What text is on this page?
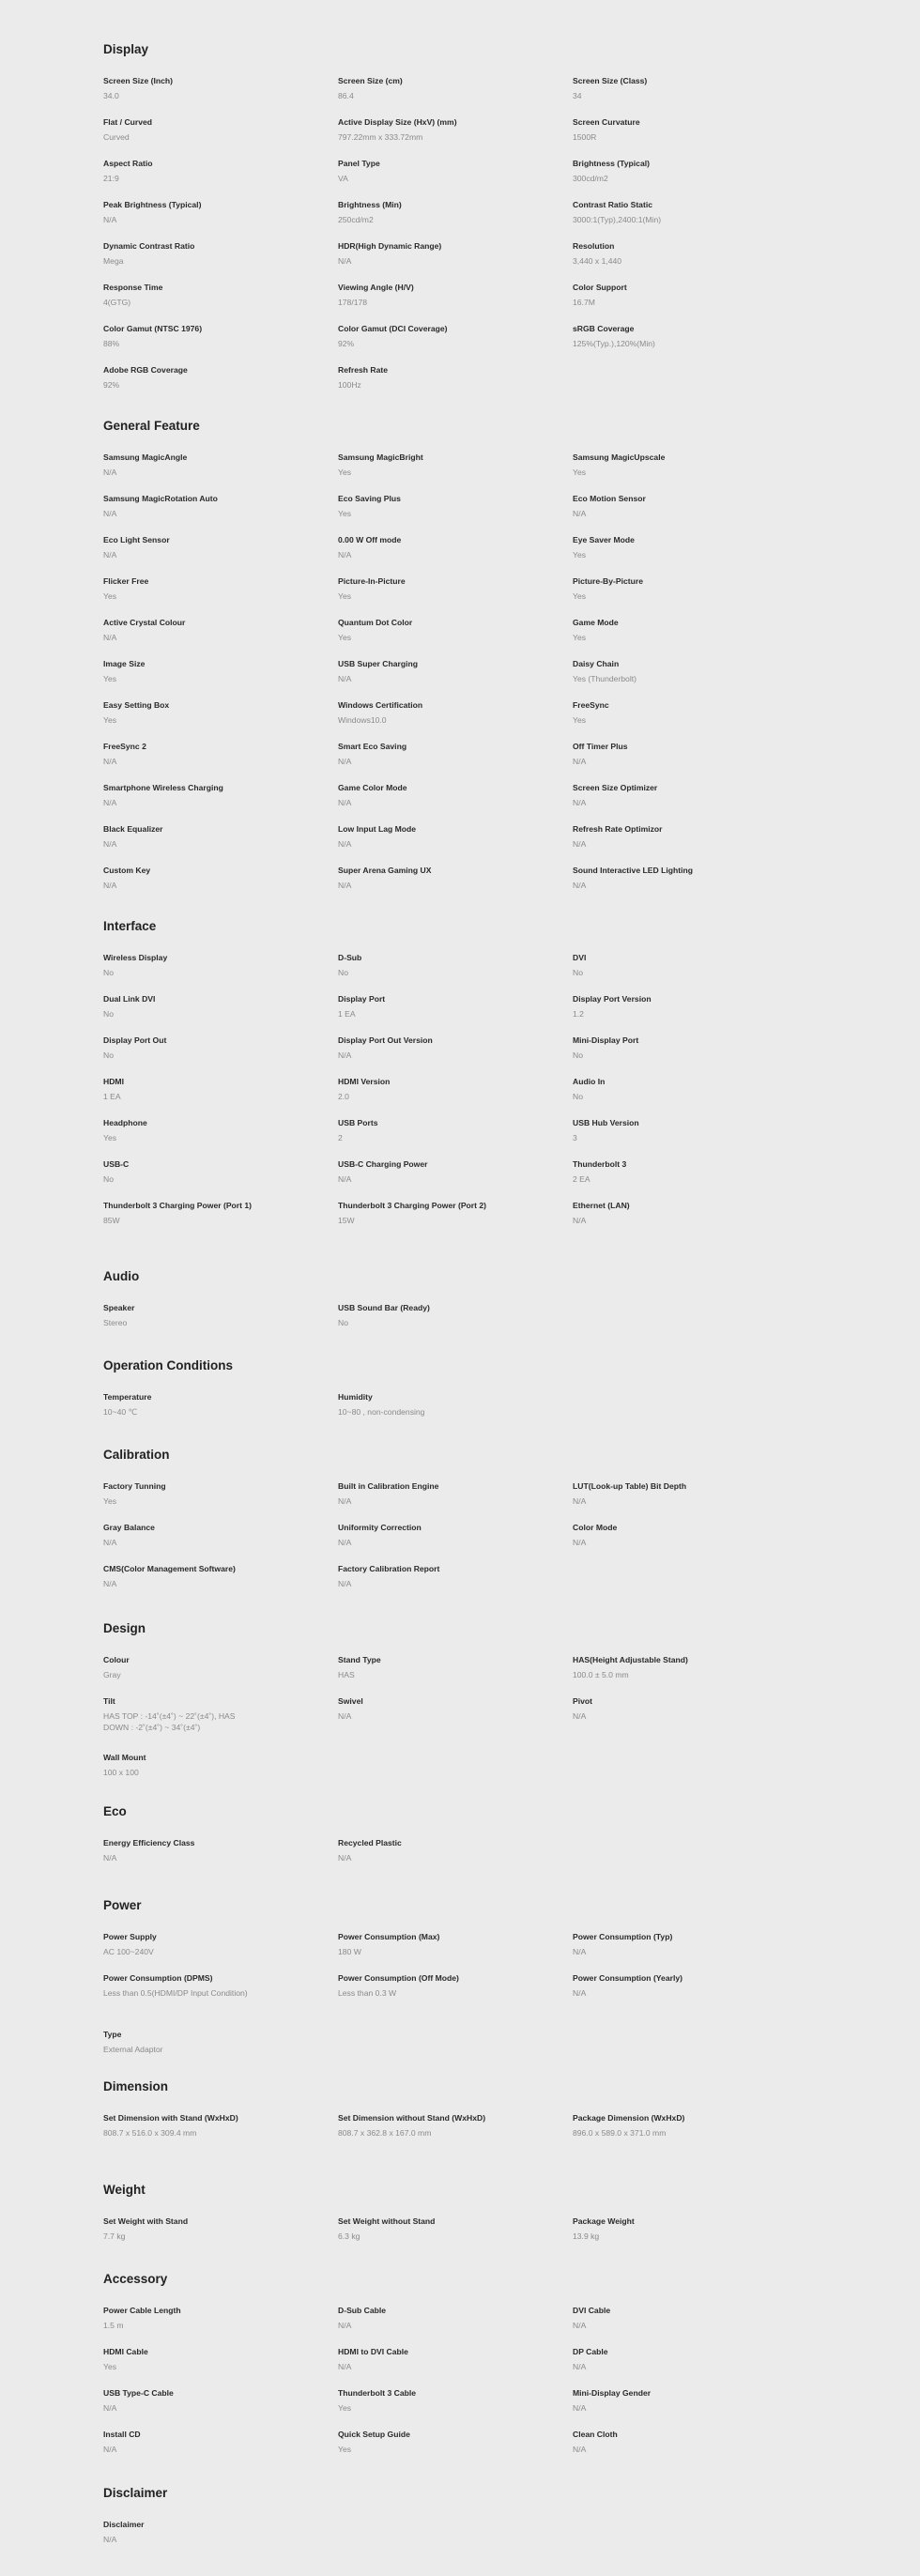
Display
Screen Size (Inch)
34.0
Screen Size (cm)
86.4
Screen Size (Class)
34
Flat / Curved
Curved
Active Display Size (HxV) (mm)
797.22mm x 333.72mm
Screen Curvature
1500R
Aspect Ratio
21:9
Panel Type
VA
Brightness (Typical)
300cd/m2
Peak Brightness (Typical)
N/A
Brightness (Min)
250cd/m2
Contrast Ratio Static
3000:1(Typ),2400:1(Min)
Dynamic Contrast Ratio
Mega
HDR(High Dynamic Range)
N/A
Resolution
3,440 x 1,440
Response Time
4(GTG)
Viewing Angle (H/V)
178/178
Color Support
16.7M
Color Gamut (NTSC 1976)
88%
Color Gamut (DCI Coverage)
92%
sRGB Coverage
125%(Typ.),120%(Min)
Adobe RGB Coverage
92%
Refresh Rate
100Hz
General Feature
Samsung MagicAngle
N/A
Samsung MagicBright
Yes
Samsung MagicUpscale
Yes
Samsung MagicRotation Auto
N/A
Eco Saving Plus
Yes
Eco Motion Sensor
N/A
Eco Light Sensor
N/A
0.00 W Off mode
N/A
Eye Saver Mode
Yes
Flicker Free
Yes
Picture-In-Picture
Yes
Picture-By-Picture
Yes
Active Crystal Colour
N/A
Quantum Dot Color
Yes
Game Mode
Yes
Image Size
Yes
USB Super Charging
N/A
Daisy Chain
Yes (Thunderbolt)
Easy Setting Box
Yes
Windows Certification
Windows10.0
FreeSync
Yes
FreeSync 2
N/A
Smart Eco Saving
N/A
Off Timer Plus
N/A
Smartphone Wireless Charging
N/A
Game Color Mode
N/A
Screen Size Optimizer
N/A
Black Equalizer
N/A
Low Input Lag Mode
N/A
Refresh Rate Optimizor
N/A
Custom Key
N/A
Super Arena Gaming UX
N/A
Sound Interactive LED Lighting
N/A
Interface
Wireless Display
No
D-Sub
No
DVI
No
Dual Link DVI
No
Display Port
1 EA
Display Port Version
1.2
Display Port Out
No
Display Port Out Version
N/A
Mini-Display Port
No
HDMI
1 EA
HDMI Version
2.0
Audio In
No
Headphone
Yes
USB Ports
2
USB Hub Version
3
USB-C
No
USB-C Charging Power
N/A
Thunderbolt 3
2 EA
Thunderbolt 3 Charging Power (Port 1)
85W
Thunderbolt 3 Charging Power (Port 2)
15W
Ethernet (LAN)
N/A
Audio
Speaker
Stereo
USB Sound Bar (Ready)
No
Operation Conditions
Temperature
10~40 ℃
Humidity
10~80 , non-condensing
Calibration
Factory Tunning
Yes
Built in Calibration Engine
N/A
LUT(Look-up Table) Bit Depth
N/A
Gray Balance
N/A
Uniformity Correction
N/A
Color Mode
N/A
CMS(Color Management Software)
N/A
Factory Calibration Report
N/A
Design
Colour
Gray
Stand Type
HAS
HAS(Height Adjustable Stand)
100.0 ± 5.0 mm
Tilt
HAS TOP : -14˚(±4˚) ~ 22˚(±4˚), HAS DOWN : -2˚(±4˚) ~ 34˚(±4˚)
Swivel
N/A
Pivot
N/A
Wall Mount
100 x 100
Eco
Energy Efficiency Class
N/A
Recycled Plastic
N/A
Power
Power Supply
AC 100~240V
Power Consumption (Max)
180 W
Power Consumption (Typ)
N/A
Power Consumption (DPMS)
Less than 0.5(HDMI/DP Input Condition)
Power Consumption (Off Mode)
Less than 0.3 W
Power Consumption (Yearly)
N/A
Type
External Adaptor
Dimension
Set Dimension with Stand (WxHxD)
808.7 x 516.0 x 309.4 mm
Set Dimension without Stand (WxHxD)
808.7 x 362.8 x 167.0 mm
Package Dimension (WxHxD)
896.0 x 589.0 x 371.0 mm
Weight
Set Weight with Stand
7.7 kg
Set Weight without Stand
6.3 kg
Package Weight
13.9 kg
Accessory
Power Cable Length
1.5 m
D-Sub Cable
N/A
DVI Cable
N/A
HDMI Cable
Yes
HDMI to DVI Cable
N/A
DP Cable
N/A
USB Type-C Cable
N/A
Thunderbolt 3 Cable
Yes
Mini-Display Gender
N/A
Install CD
N/A
Quick Setup Guide
Yes
Clean Cloth
N/A
Disclaimer
Disclaimer
N/A
